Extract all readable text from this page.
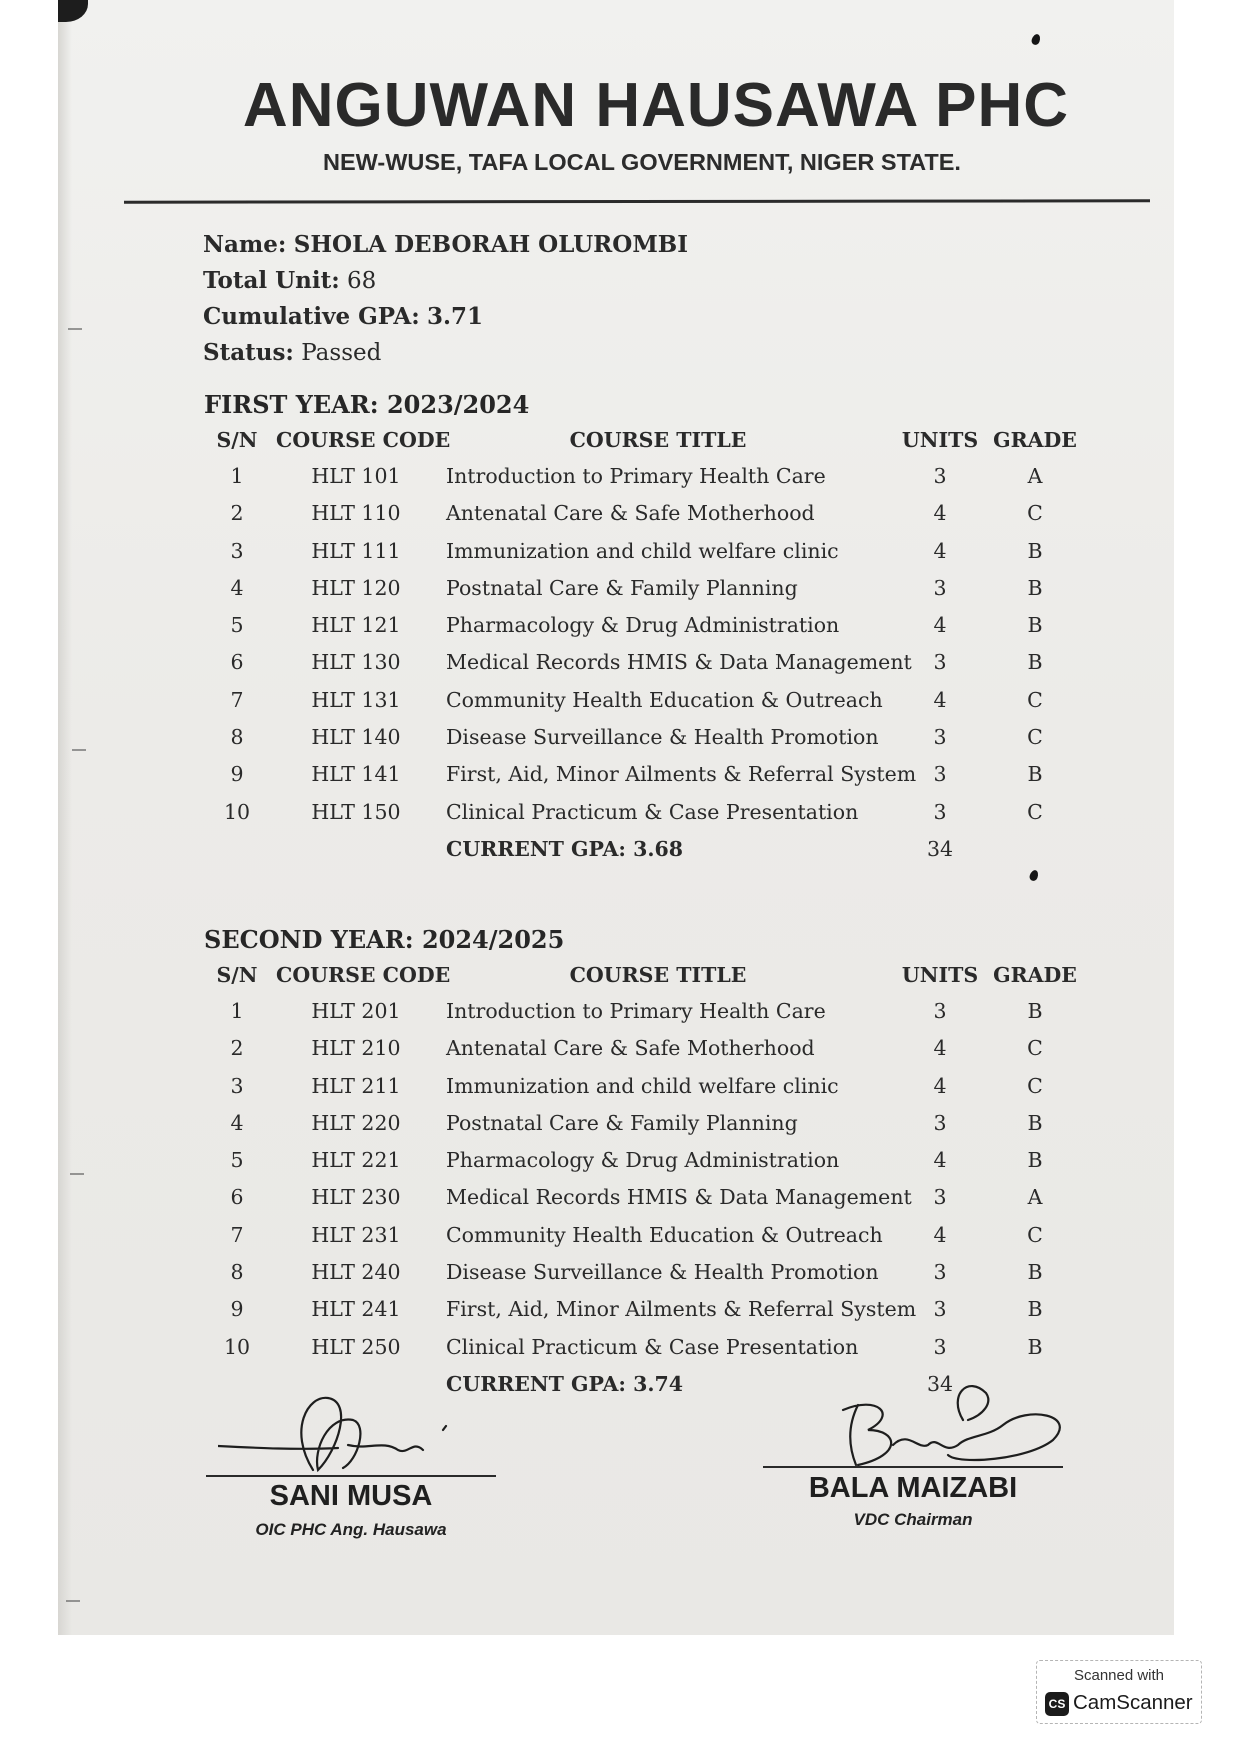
ANGUWAN HAUSAWA PHC
NEW-WUSE, TAFA LOCAL GOVERNMENT, NIGER STATE.
Name: SHOLA DEBORAH OLUROMBI
Total Unit: 68
Cumulative GPA: 3.71
Status: Passed
FIRST YEAR: 2023/2024
S/N COURSE CODE	COURSE TITLE	UNITS GRADE
1	HLT 101	Introduction to Primary Health Care	3	A
2	HLT 110	Antenatal Care & Safe Motherhood	4	C
3	HLT 111	Immunization and child welfare clinic	4	B
4	HLT 120	Postnatal Care & Family Planning	3	B
5	HLT 121	Pharmacology & Drug Administration	4	B
6	HLT 130	Medical Records HMIS & Data Management	3	B
7	HLT 131	Community Health Education & Outreach	4	C
8	HLT 140	Disease Surveillance & Health Promotion	3	C
9	HLT 141	First, Aid, Minor Ailments & Referral System 3	B
10	HLT 150	Clinical Practicum & Case Presentation	3	C
CURRENT GPA: 3.68	34
SECOND YEAR: 2024/2025
S/N COURSE CODE	COURSE TITLE	UNITS GRADE
1	HLT 201	Introduction to Primary Health Care	3	B
2	HLT 210	Antenatal Care & Safe Motherhood	4	C
3	HLT 211	Immunization and child welfare clinic	4	C
4	HLT 220	Postnatal Care & Family Planning	3	B
5	HLT 221	Pharmacology & Drug Administration	4	B
6	HLT 230	Medical Records HMIS & Data Management	3	A
7	HLT 231	Community Health Education & Outreach	4	C
8	HLT 240	Disease Surveillance & Health Promotion	3	B
9	HLT 241	First, Aid, Minor Ailments & Referral System 3	B
10	HLT 250	Clinical Practicum & Case Presentation	3	B
CURRENT GPA: 3.74	34
SANI MUSA
OIC PHC Ang. Hausawa
BALA MAIZABI
VDC Chairman
Scanned with
CS CamScanner
